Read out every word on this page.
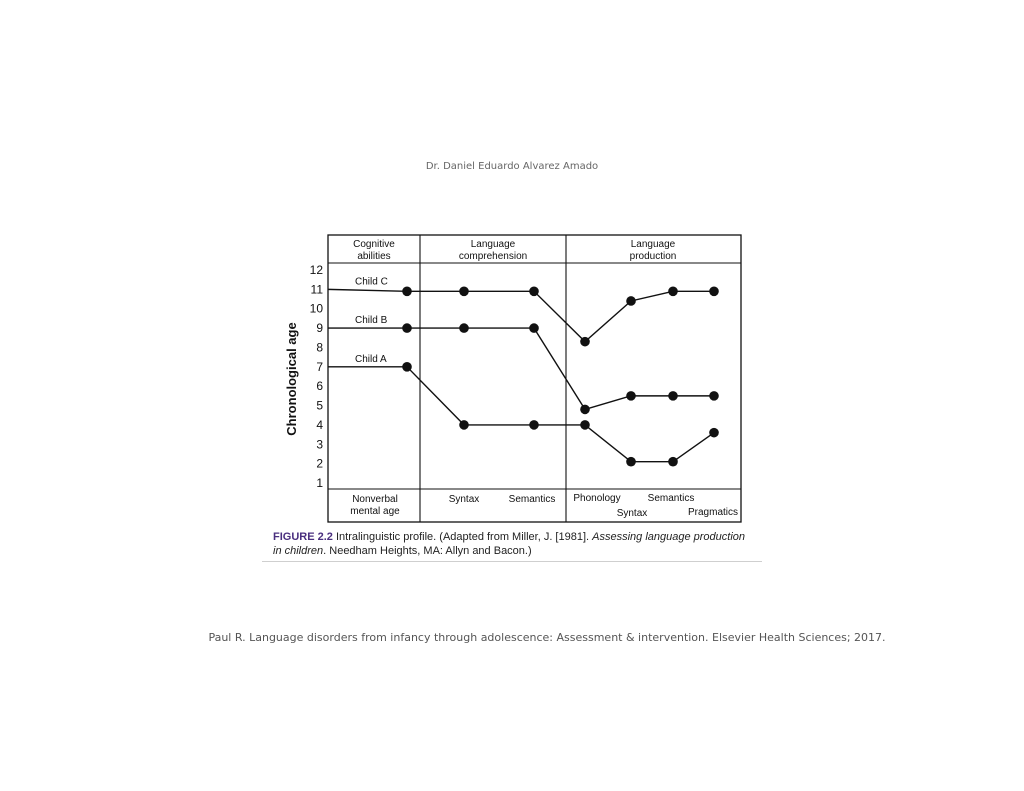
Dr. Daniel Eduardo Alvarez Amado
Cognitive
abilities
Language
comprehension
Language
production
1
2
3
4
5
6
7
8
9
10
11
12
Chronological age
Nonverbal
mental age
Syntax	Semantics Phonology
Syntax
Semantics
Pragmatics
Child C
Child B
Child A
FIGURE 2.2 Intralinguistic profile. (Adapted from Miller, J. [1981]. Assessing language production
in children. Needham Heights, MA: Allyn and Bacon.)
Paul R. Language disorders from infancy through adolescence: Assessment & intervention. Elsevier Health Sciences; 2017.
